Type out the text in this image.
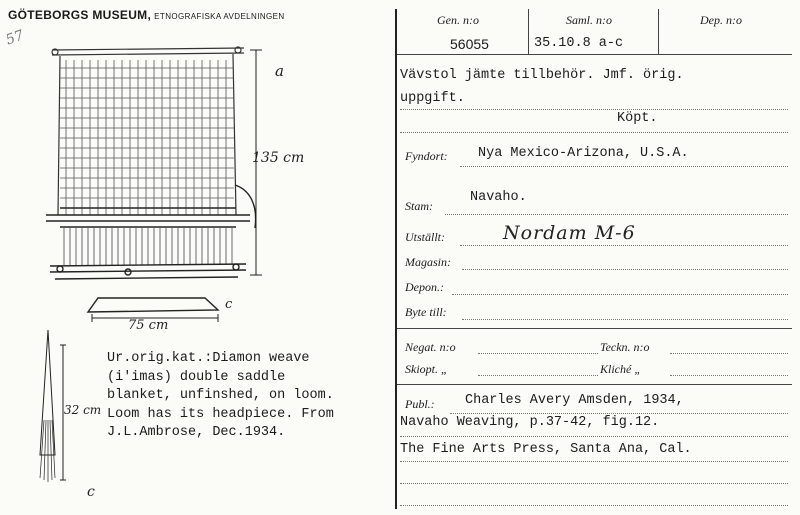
GÖTEBORGS MUSEUM, ETNOGRAFISKA AVDELNINGEN
a
135 cm
c
75 cm
32 cm
c
57
Ur.orig.kat.:Diamon weave
(i'imas) double saddle
blanket, unfinshed, on loom.
Loom has its headpiece. From
J.L.Ambrose, Dec.1934.
Gen. n:o
56055
Saml. n:o
35.10.8 a-c
Dep. n:o
Vävstol jämte tillbehör. Jmf. örig.
uppgift.
Köpt.
Fyndort: Nya Mexico-Arizona, U.S.A.
Stam:
Navaho.
Utställt:	Nordam M-6
Magasin:
Depon.:
Byte till:
Negat. n:o	Teckn. n:o
Skiopt. „	Kliché „
Publ.: Charles Avery Amsden, 1934,
Navaho Weaving, p.37-42, fig.12.
The Fine Arts Press, Santa Ana, Cal.
